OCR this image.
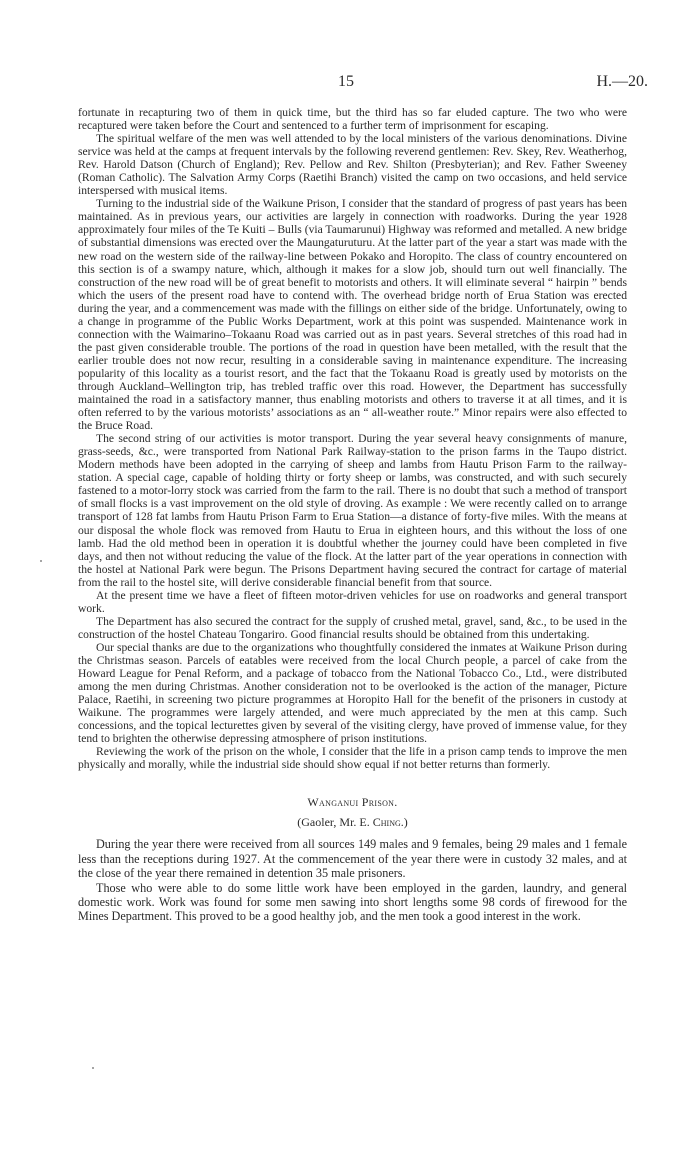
15	H.—20.

fortunate in recapturing two of them in quick time, but the third has so far eluded capture. The two who were recaptured were taken before the Court and sentenced to a further term of imprisonment for escaping.

The spiritual welfare of the men was well attended to by the local ministers of the various denominations. Divine service was held at the camps at frequent intervals by the following reverend gentlemen: Rev. Skey, Rev. Weatherhog, Rev. Harold Datson (Church of England); Rev. Pellow and Rev. Shilton (Presbyterian); and Rev. Father Sweeney (Roman Catholic). The Salvation Army Corps (Raetihi Branch) visited the camp on two occasions, and held service interspersed with musical items.

Turning to the industrial side of the Waikune Prison, I consider that the standard of progress of past years has been maintained. As in previous years, our activities are largely in connection with roadworks. During the year 1928 approximately four miles of the Te Kuiti – Bulls (via Taumarunui) Highway was reformed and metalled. A new bridge of substantial dimensions was erected over the Maungaturuturu. At the latter part of the year a start was made with the new road on the western side of the railway-line between Pokako and Horopito. The class of country encountered on this section is of a swampy nature, which, although it makes for a slow job, should turn out well financially. The construction of the new road will be of great benefit to motorists and others. It will eliminate several “ hairpin ” bends which the users of the present road have to contend with. The overhead bridge north of Erua Station was erected during the year, and a commencement was made with the fillings on either side of the bridge. Unfortunately, owing to a change in programme of the Public Works Department, work at this point was suspended. Maintenance work in connection with the Waimarino–Tokaanu Road was carried out as in past years. Several stretches of this road had in the past given considerable trouble. The portions of the road in question have been metalled, with the result that the earlier trouble does not now recur, resulting in a considerable saving in maintenance expenditure. The increasing popularity of this locality as a tourist resort, and the fact that the Tokaanu Road is greatly used by motorists on the through Auckland–Wellington trip, has trebled traffic over this road. However, the Department has successfully maintained the road in a satisfactory manner, thus enabling motorists and others to traverse it at all times, and it is often referred to by the various motorists’ associations as an “ all-weather route.” Minor repairs were also effected to the Bruce Road.

The second string of our activities is motor transport. During the year several heavy consignments of manure, grass-seeds, &c., were transported from National Park Railway-station to the prison farms in the Taupo district. Modern methods have been adopted in the carrying of sheep and lambs from Hautu Prison Farm to the railway-station. A special cage, capable of holding thirty or forty sheep or lambs, was constructed, and with such securely fastened to a motor-lorry stock was carried from the farm to the rail. There is no doubt that such a method of transport of small flocks is a vast improvement on the old style of droving. As example : We were recently called on to arrange transport of 128 fat lambs from Hautu Prison Farm to Erua Station—a distance of forty-five miles. With the means at our disposal the whole flock was removed from Hautu to Erua in eighteen hours, and this without the loss of one lamb. Had the old method been in operation it is doubtful whether the journey could have been completed in five days, and then not without reducing the value of the flock. At the latter part of the year operations in connection with the hostel at National Park were begun. The Prisons Department having secured the contract for cartage of material from the rail to the hostel site, will derive considerable financial benefit from that source.

At the present time we have a fleet of fifteen motor-driven vehicles for use on roadworks and general transport work.

The Department has also secured the contract for the supply of crushed metal, gravel, sand, &c., to be used in the construction of the hostel Chateau Tongariro. Good financial results should be obtained from this undertaking.

Our special thanks are due to the organizations who thoughtfully considered the inmates at Waikune Prison during the Christmas season. Parcels of eatables were received from the local Church people, a parcel of cake from the Howard League for Penal Reform, and a package of tobacco from the National Tobacco Co., Ltd., were distributed among the men during Christmas. Another consideration not to be overlooked is the action of the manager, Picture Palace, Raetihi, in screening two picture programmes at Horopito Hall for the benefit of the prisoners in custody at Waikune. The programmes were largely attended, and were much appreciated by the men at this camp. Such concessions, and the topical lecturettes given by several of the visiting clergy, have proved of immense value, for they tend to brighten the otherwise depressing atmosphere of prison institutions.

Reviewing the work of the prison on the whole, I consider that the life in a prison camp tends to improve the men physically and morally, while the industrial side should show equal if not better returns than formerly.

Wanganui Prison.
(Gaoler, Mr. E. Ching.)

During the year there were received from all sources 149 males and 9 females, being 29 males and 1 female less than the receptions during 1927. At the commencement of the year there were in custody 32 males, and at the close of the year there remained in detention 35 male prisoners.

Those who were able to do some little work have been employed in the garden, laundry, and general domestic work. Work was found for some men sawing into short lengths some 98 cords of firewood for the Mines Department. This proved to be a good healthy job, and the men took a good interest in the work.
